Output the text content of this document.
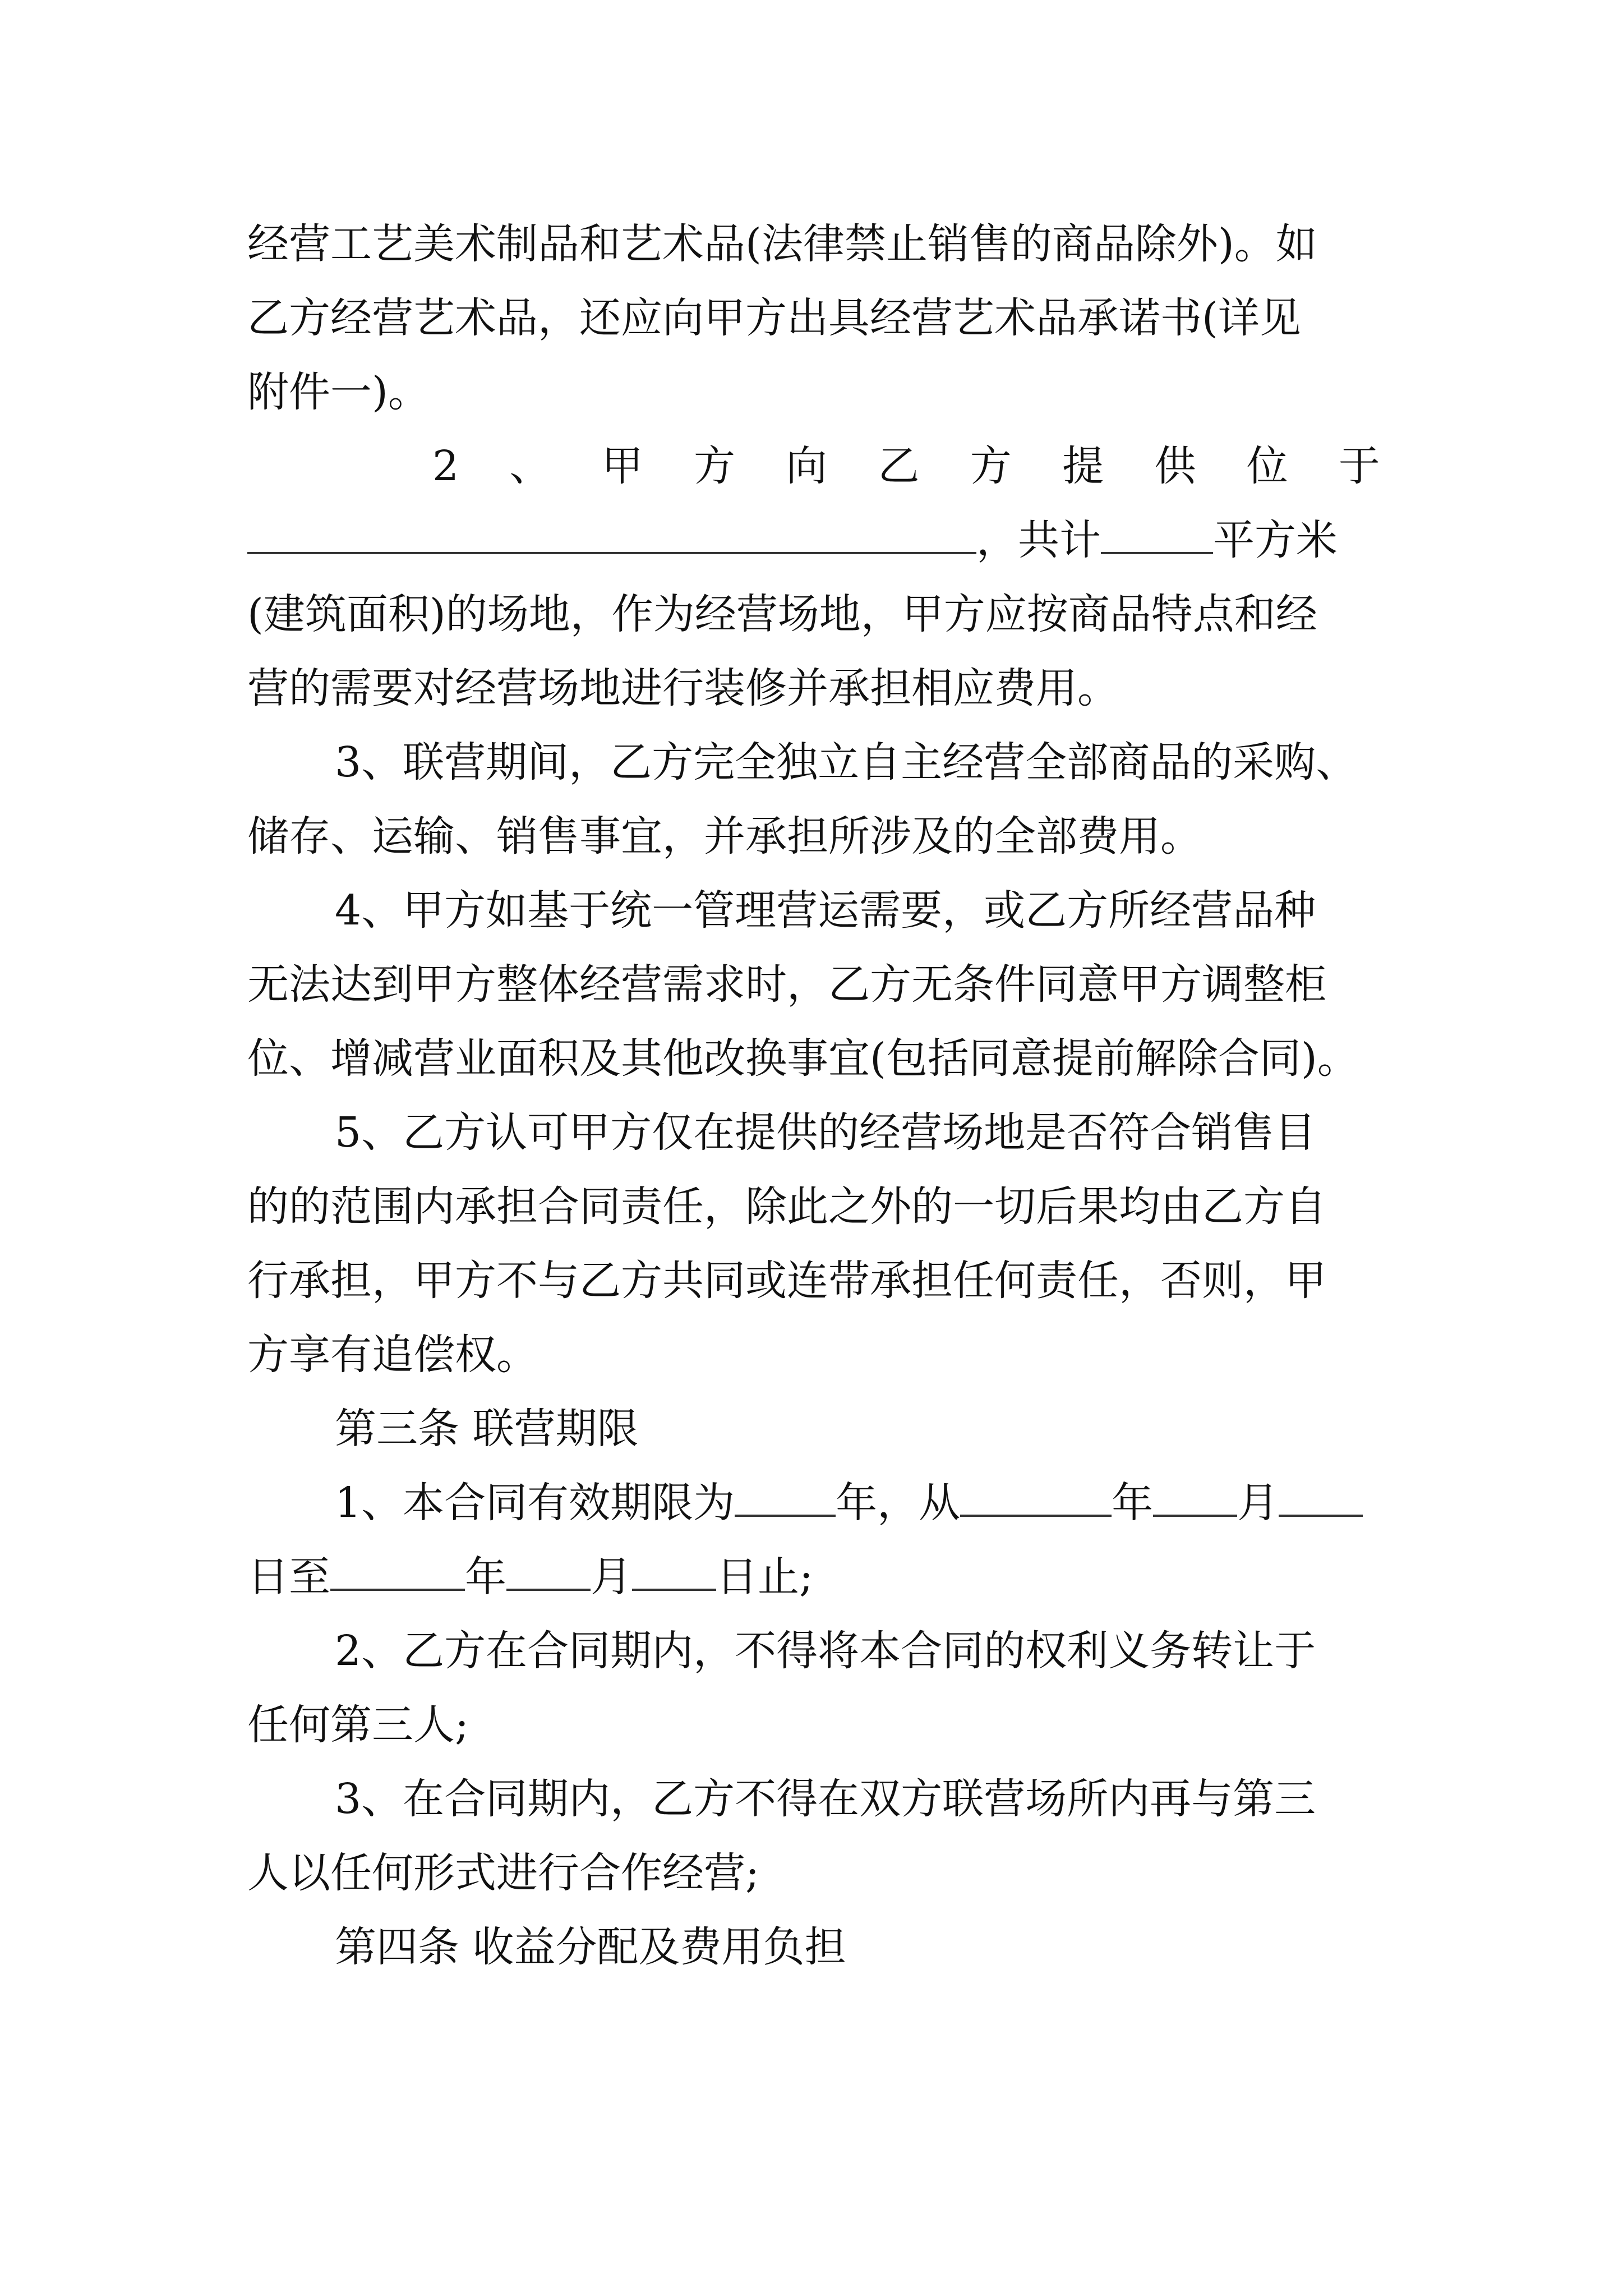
经营工艺美术制品和艺术品(法律禁止销售的商品除外)。如
乙方经营艺术品，还应向甲方出具经营艺术品承诺书(详见
附件一)。
2 、 甲 方 向 乙 方 提 供 位 于
，共计	平方米
(建筑面积)的场地，作为经营场地，甲方应按商品特点和经
营的需要对经营场地进行装修并承担相应费用。
3、联营期间，乙方完全独立自主经营全部商品的采购、
储存、运输、销售事宜，并承担所涉及的全部费用。
4、甲方如基于统一管理营运需要，或乙方所经营品种
无法达到甲方整体经营需求时，乙方无条件同意甲方调整柜
位、增减营业面积及其他改换事宜(包括同意提前解除合同)。
5、乙方认可甲方仅在提供的经营场地是否符合销售目
的的范围内承担合同责任，除此之外的一切后果均由乙方自
行承担，甲方不与乙方共同或连带承担任何责任，否则，甲
方享有追偿权。
第三条 联营期限
1、本合同有效期限为 年，从	年 月
日至	年 月 日止;
2、乙方在合同期内，不得将本合同的权利义务转让于
任何第三人;
3、在合同期内，乙方不得在双方联营场所内再与第三
人以任何形式进行合作经营;
第四条 收益分配及费用负担
